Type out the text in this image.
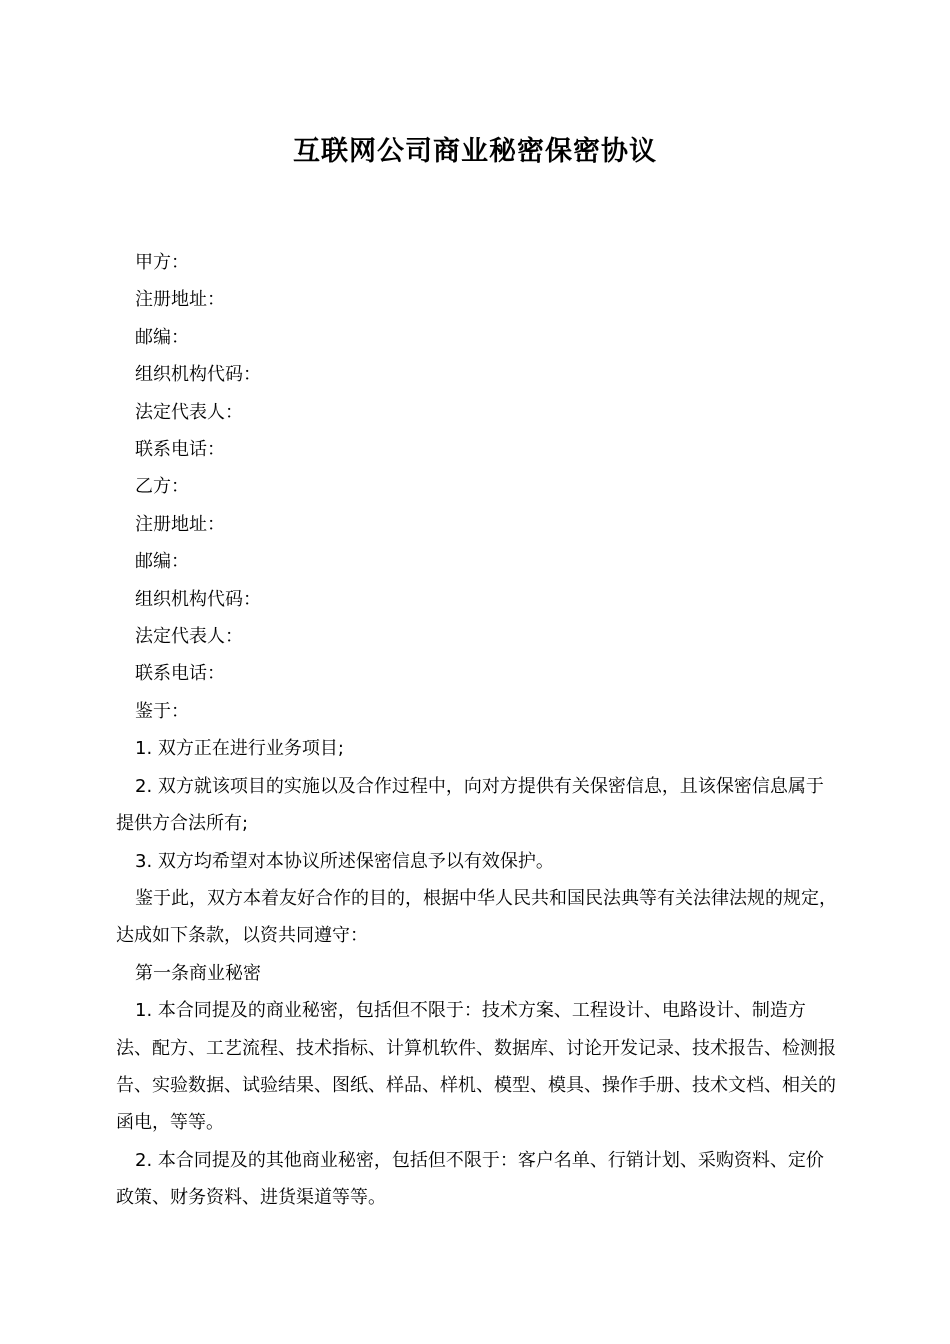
互联网公司商业秘密保密协议

甲方：

注册地址：

邮编：

组织机构代码：

法定代表人：

联系电话：

乙方：

注册地址：

邮编：

组织机构代码：

法定代表人：

联系电话：

鉴于：

1. 双方正在进行业务项目;

2. 双方就该项目的实施以及合作过程中，向对方提供有关保密信息，且该保密信息属于提供方合法所有;

3. 双方均希望对本协议所述保密信息予以有效保护。

鉴于此，双方本着友好合作的目的，根据中华人民共和国民法典等有关法律法规的规定，达成如下条款，以资共同遵守：

第一条商业秘密

1. 本合同提及的商业秘密，包括但不限于：技术方案、工程设计、电路设计、制造方法、配方、工艺流程、技术指标、计算机软件、数据库、讨论开发记录、技术报告、检测报告、实验数据、试验结果、图纸、样品、样机、模型、模具、操作手册、技术文档、相关的函电，等等。

2. 本合同提及的其他商业秘密，包括但不限于：客户名单、行销计划、采购资料、定价政策、财务资料、进货渠道等等。
